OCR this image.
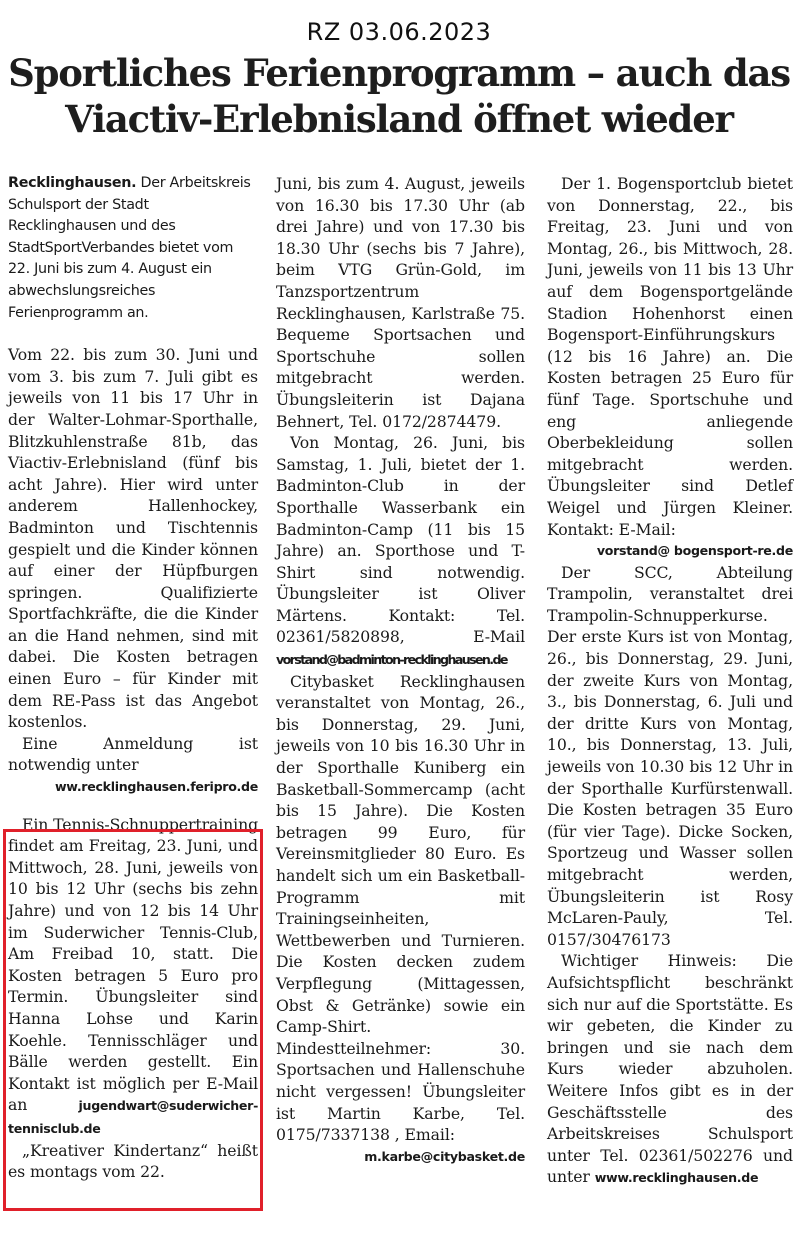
RZ 03.06.2023
Sportliches Ferienprogramm – auch das
Viactiv-Erlebnisland öffnet wieder

Recklinghausen. Der Arbeitskreis Schulsport der Stadt Recklinghausen und des StadtSportVerbandes bietet vom 22. Juni bis zum 4. August ein abwechslungsreiches Ferienprogramm an.

Vom 22. bis zum 30. Juni und vom 3. bis zum 7. Juli gibt es jeweils von 11 bis 17 Uhr in der Walter-Lohmar-Sporthalle, Blitzkuhlenstraße 81b, das Viactiv-Erlebnisland (fünf bis acht Jahre). Hier wird unter anderem Hallenhockey, Badminton und Tischtennis gespielt und die Kinder können auf einer der Hüpfburgen springen. Qualifizierte Sportfachkräfte, die die Kinder an die Hand nehmen, sind mit dabei. Die Kosten betragen einen Euro – für Kinder mit dem RE-Pass ist das Angebot kostenlos.

Eine Anmeldung ist notwendig unter
ww.recklinghausen.feripro.de

Ein Tennis-Schnuppertraining findet am Freitag, 23. Juni, und Mittwoch, 28. Juni, jeweils von 10 bis 12 Uhr (sechs bis zehn Jahre) und von 12 bis 14 Uhr im Suderwicher Tennis-Club, Am Freibad 10, statt. Die Kosten betragen 5 Euro pro Termin. Übungsleiter sind Hanna Lohse und Karin Koehle. Tennisschläger und Bälle werden gestellt. Ein Kontakt ist möglich per E-Mail an	jugendwart@suderwicher-tennisclub.de

„Kreativer Kindertanz“ heißt es montags vom 22.

Juni, bis zum 4. August, jeweils von 16.30 bis 17.30 Uhr (ab drei Jahre) und von 17.30 bis 18.30 Uhr (sechs bis 7 Jahre), beim VTG Grün-Gold, im Tanzsportzentrum Recklinghausen, Karlstraße 75. Bequeme Sportsachen und Sportschuhe sollen mitgebracht werden. Übungsleiterin ist Dajana Behnert, Tel. 0172/2874479.

Von Montag, 26. Juni, bis Samstag, 1. Juli, bietet der 1. Badminton-Club in der Sporthalle Wasserbank ein Badminton-Camp (11 bis 15 Jahre) an. Sporthose und T-Shirt sind notwendig. Übungsleiter ist Oliver Märtens. Kontakt: Tel. 02361/5820898, E-Mail vorstand@badminton-recklinghausen.de

Citybasket Recklinghausen veranstaltet von Montag, 26., bis Donnerstag, 29. Juni, jeweils von 10 bis 16.30 Uhr in der Sporthalle Kuniberg ein Basketball-Sommercamp (acht bis 15 Jahre). Die Kosten betragen 99 Euro, für Vereinsmitglieder 80 Euro. Es handelt sich um ein Basketball-Programm mit Trainingseinheiten, Wettbewerben und Turnieren. Die Kosten decken zudem Verpflegung (Mittagessen, Obst & Getränke) sowie ein Camp-Shirt. Mindestteilnehmer: 30. Sportsachen und Hallenschuhe nicht vergessen! Übungsleiter ist Martin Karbe, Tel. 0175/7337138 , Email:
m.karbe@citybasket.de

Der 1. Bogensportclub bietet von Donnerstag, 22., bis Freitag, 23. Juni und von Montag, 26., bis Mittwoch, 28. Juni, jeweils von 11 bis 13 Uhr auf dem Bogensportgelände Stadion Hohenhorst einen Bogensport-Einführungskurs (12 bis 16 Jahre) an. Die Kosten betragen 25 Euro für fünf Tage. Sportschuhe und eng anliegende Oberbekleidung sollen mitgebracht werden. Übungsleiter sind Detlef Weigel und Jürgen Kleiner. Kontakt: E-Mail:
vorstand@ bogensport-re.de

Der SCC, Abteilung Trampolin, veranstaltet drei Trampolin-Schnupperkurse. Der erste Kurs ist von Montag, 26., bis Donnerstag, 29. Juni, der zweite Kurs von Montag, 3., bis Donnerstag, 6. Juli und der dritte Kurs von Montag, 10., bis Donnerstag, 13. Juli, jeweils von 10.30 bis 12 Uhr in der Sporthalle Kurfürstenwall. Die Kosten betragen 35 Euro (für vier Tage). Dicke Socken, Sportzeug und Wasser sollen mitgebracht werden, Übungsleiterin ist Rosy McLaren-Pauly, Tel. 0157/30476173

Wichtiger Hinweis: Die Aufsichtspflicht beschränkt sich nur auf die Sportstätte. Es wir gebeten, die Kinder zu bringen und sie nach dem Kurs wieder abzuholen. Weitere Infos gibt es in der Geschäftsstelle des Arbeitskreises Schulsport unter Tel. 02361/502276 und unter www.recklinghausen.de
